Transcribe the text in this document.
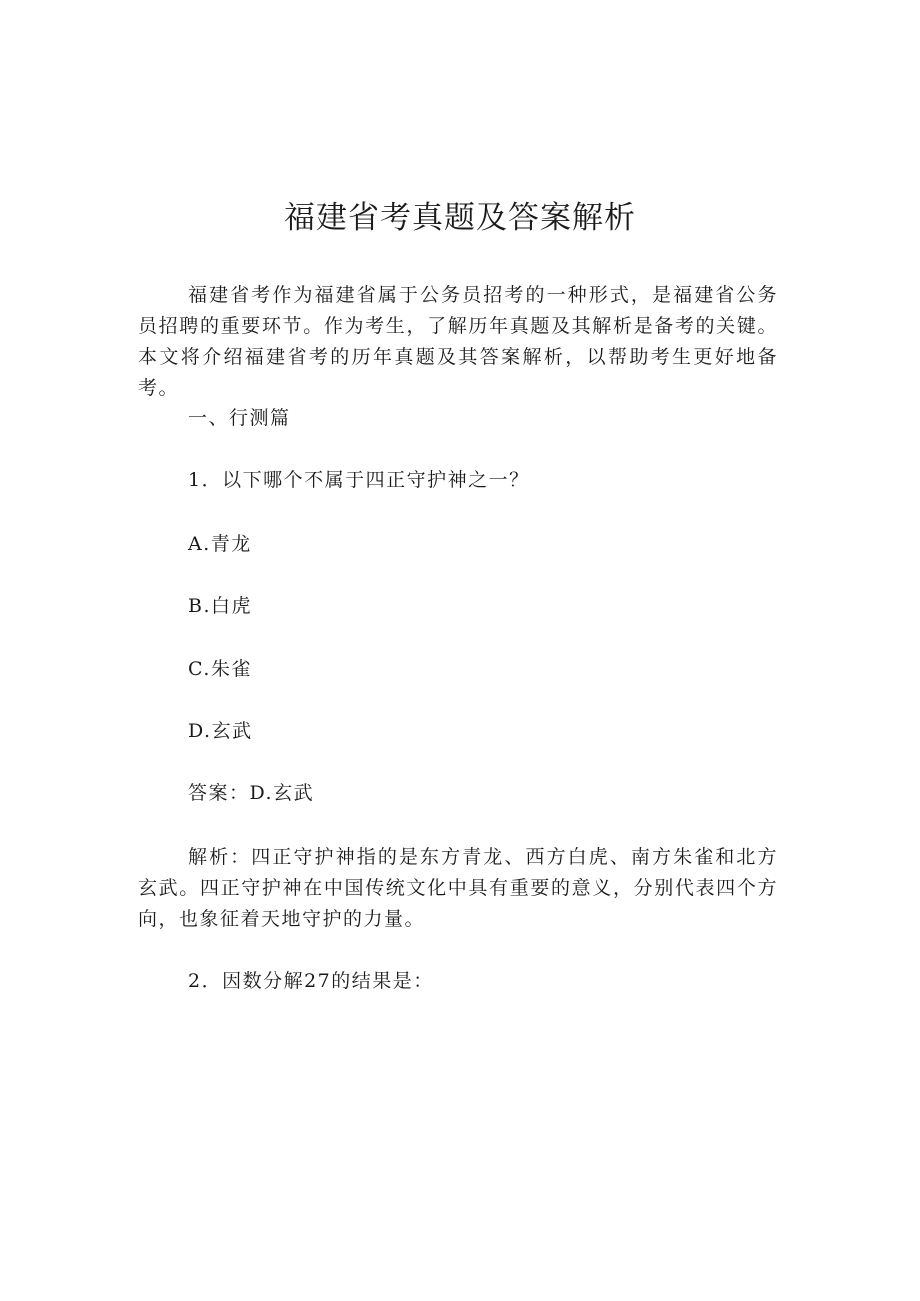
福建省考真题及答案解析

福建省考作为福建省属于公务员招考的一种形式，是福建省公务员招聘的重要环节。作为考生，了解历年真题及其解析是备考的关键。本文将介绍福建省考的历年真题及其答案解析，以帮助考生更好地备考。

一、行测篇

1．以下哪个不属于四正守护神之一？

A.青龙

B.白虎

C.朱雀

D.玄武

答案：D.玄武

解析：四正守护神指的是东方青龙、西方白虎、南方朱雀和北方玄武。四正守护神在中国传统文化中具有重要的意义，分别代表四个方向，也象征着天地守护的力量。

2．因数分解27的结果是：
